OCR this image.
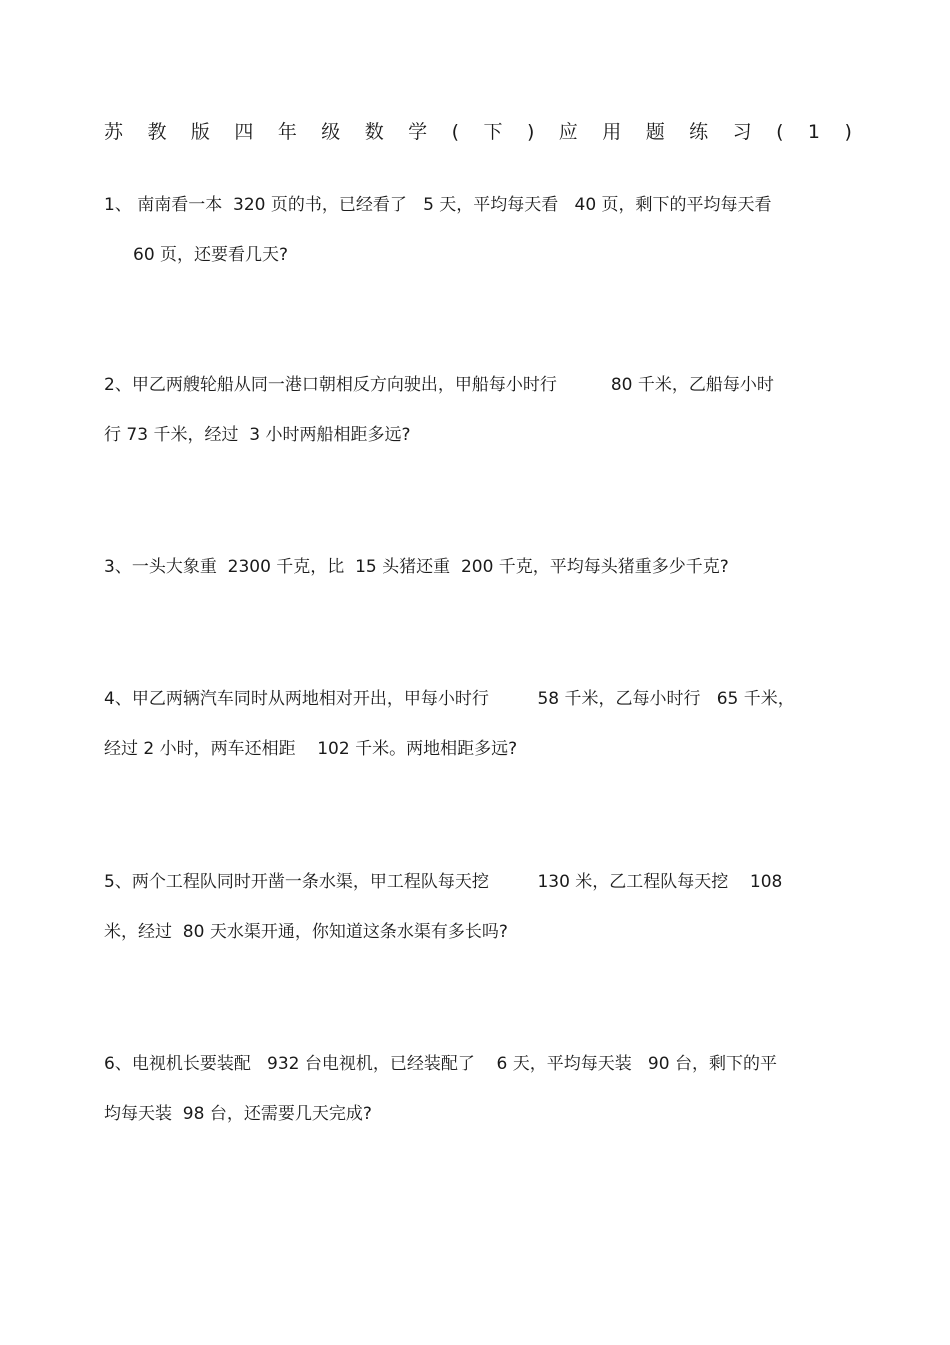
苏 教 版 四 年 级 数 学 ( 下 ) 应 用 题 练 习 ( 1 )
1、 南南看一本  320 页的书，已经看了   5 天，平均每天看   40 页，剩下的平均每天看
60 页，还要看几天?
2、甲乙两艘轮船从同一港口朝相反方向驶出，甲船每小时行          80 千米，乙船每小时
行 73 千米，经过  3 小时两船相距多远?
3、一头大象重  2300 千克，比  15 头猪还重  200 千克，平均每头猪重多少千克?
4、甲乙两辆汽车同时从两地相对开出，甲每小时行         58 千米，乙每小时行   65 千米，
经过 2 小时，两车还相距    102 千米。两地相距多远?
5、两个工程队同时开凿一条水渠，甲工程队每天挖         130 米，乙工程队每天挖    108
米，经过  80 天水渠开通，你知道这条水渠有多长吗?
6、电视机长要装配   932 台电视机，已经装配了    6 天，平均每天装   90 台，剩下的平
均每天装  98 台，还需要几天完成?
